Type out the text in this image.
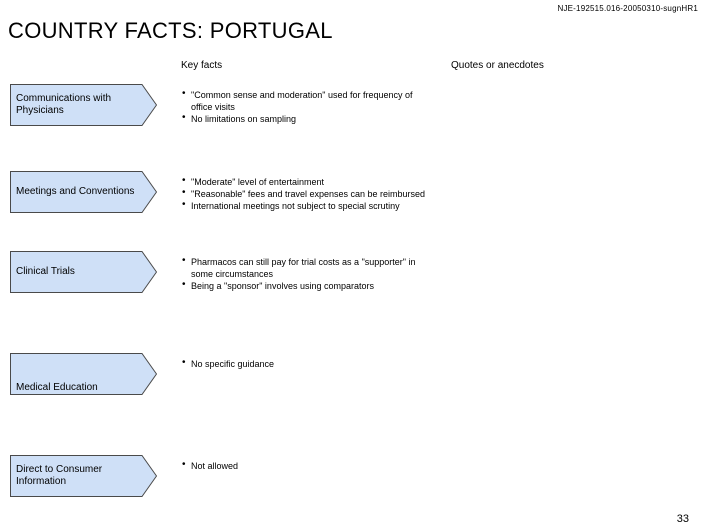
NJE-192515.016-20050310-sugnHR1
COUNTRY FACTS: PORTUGAL
Key facts	Quotes or anecdotes
Communications with Physicians
• "Common sense and moderation" used for frequency of office visits
• No limitations on sampling
Meetings and Conventions
• "Moderate" level of entertainment
• "Reasonable" fees and travel expenses can be reimbursed
• International meetings not subject to special scrutiny
Clinical Trials
• Pharmacos can still pay for trial costs as a "supporter" in some circumstances
• Being a "sponsor" involves using comparators
Medical Education
• No specific guidance
Direct to Consumer Information
• Not allowed
33
